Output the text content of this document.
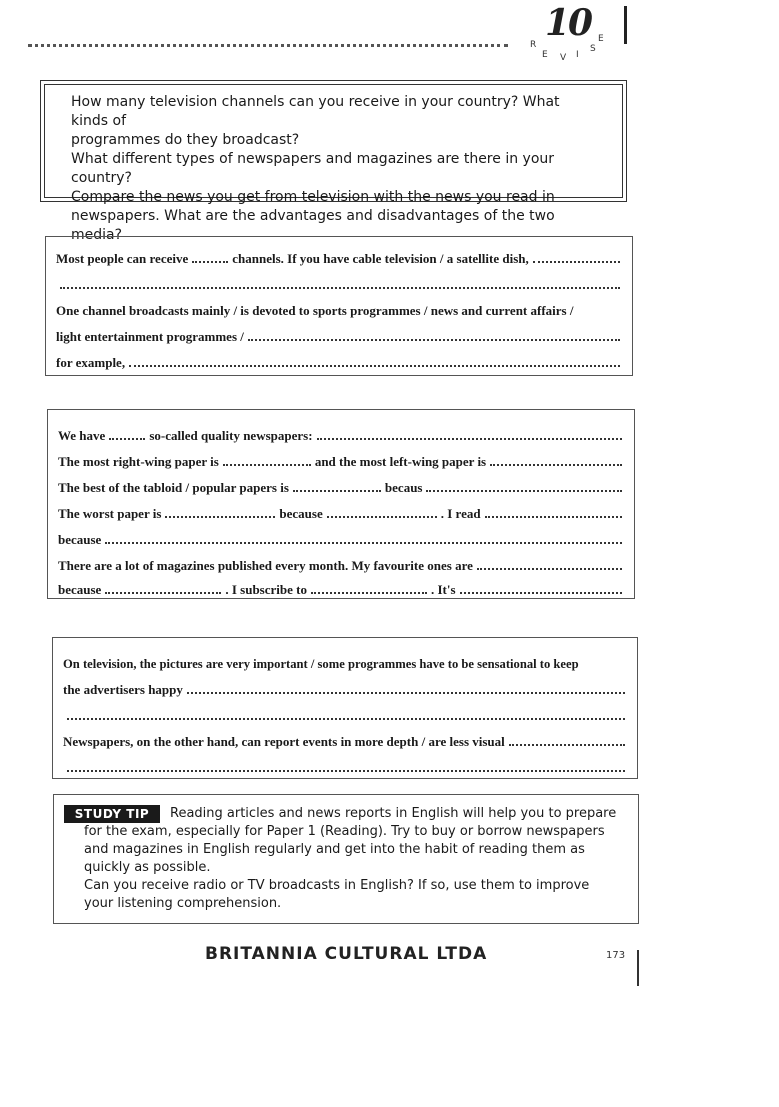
10
R
E V I
S
E

How many television channels can you receive in your country? What kinds of

programmes do they broadcast?

What different types of newspapers and magazines are there in your country?

Compare the news you get from television with the news you read in

newspapers. What are the advantages and disadvantages of the two media?

Most people can receive	channels. If you have cable television / a satellite dish,
One channel broadcasts mainly / is devoted to sports programmes / news and current affairs /
light entertainment programmes /
for example,
We have	so-called quality newspapers:
The most right-wing paper is	and the most left-wing paper is
The best of the tabloid / popular papers is	becaus
The worst paper is	because	. I read
because
There are a lot of magazines published every month. My favourite ones are
because	. I subscribe to	. It's
On television, the pictures are very important / some programmes have to be sensational to keep
the advertisers happy
Newspapers, on the other hand, can report events in more depth / are less visual
STUDY TIP	Reading articles and news reports in English will help you to prepare for the exam, especially for Paper 1 (Reading). Try to buy or borrow newspapers and magazines in English regularly and get into the habit of reading them as quickly as possible.

Can you receive radio or TV broadcasts in English? If so, use them to improve your listening comprehension.

BRITANNIA CULTURAL LTDA	173
